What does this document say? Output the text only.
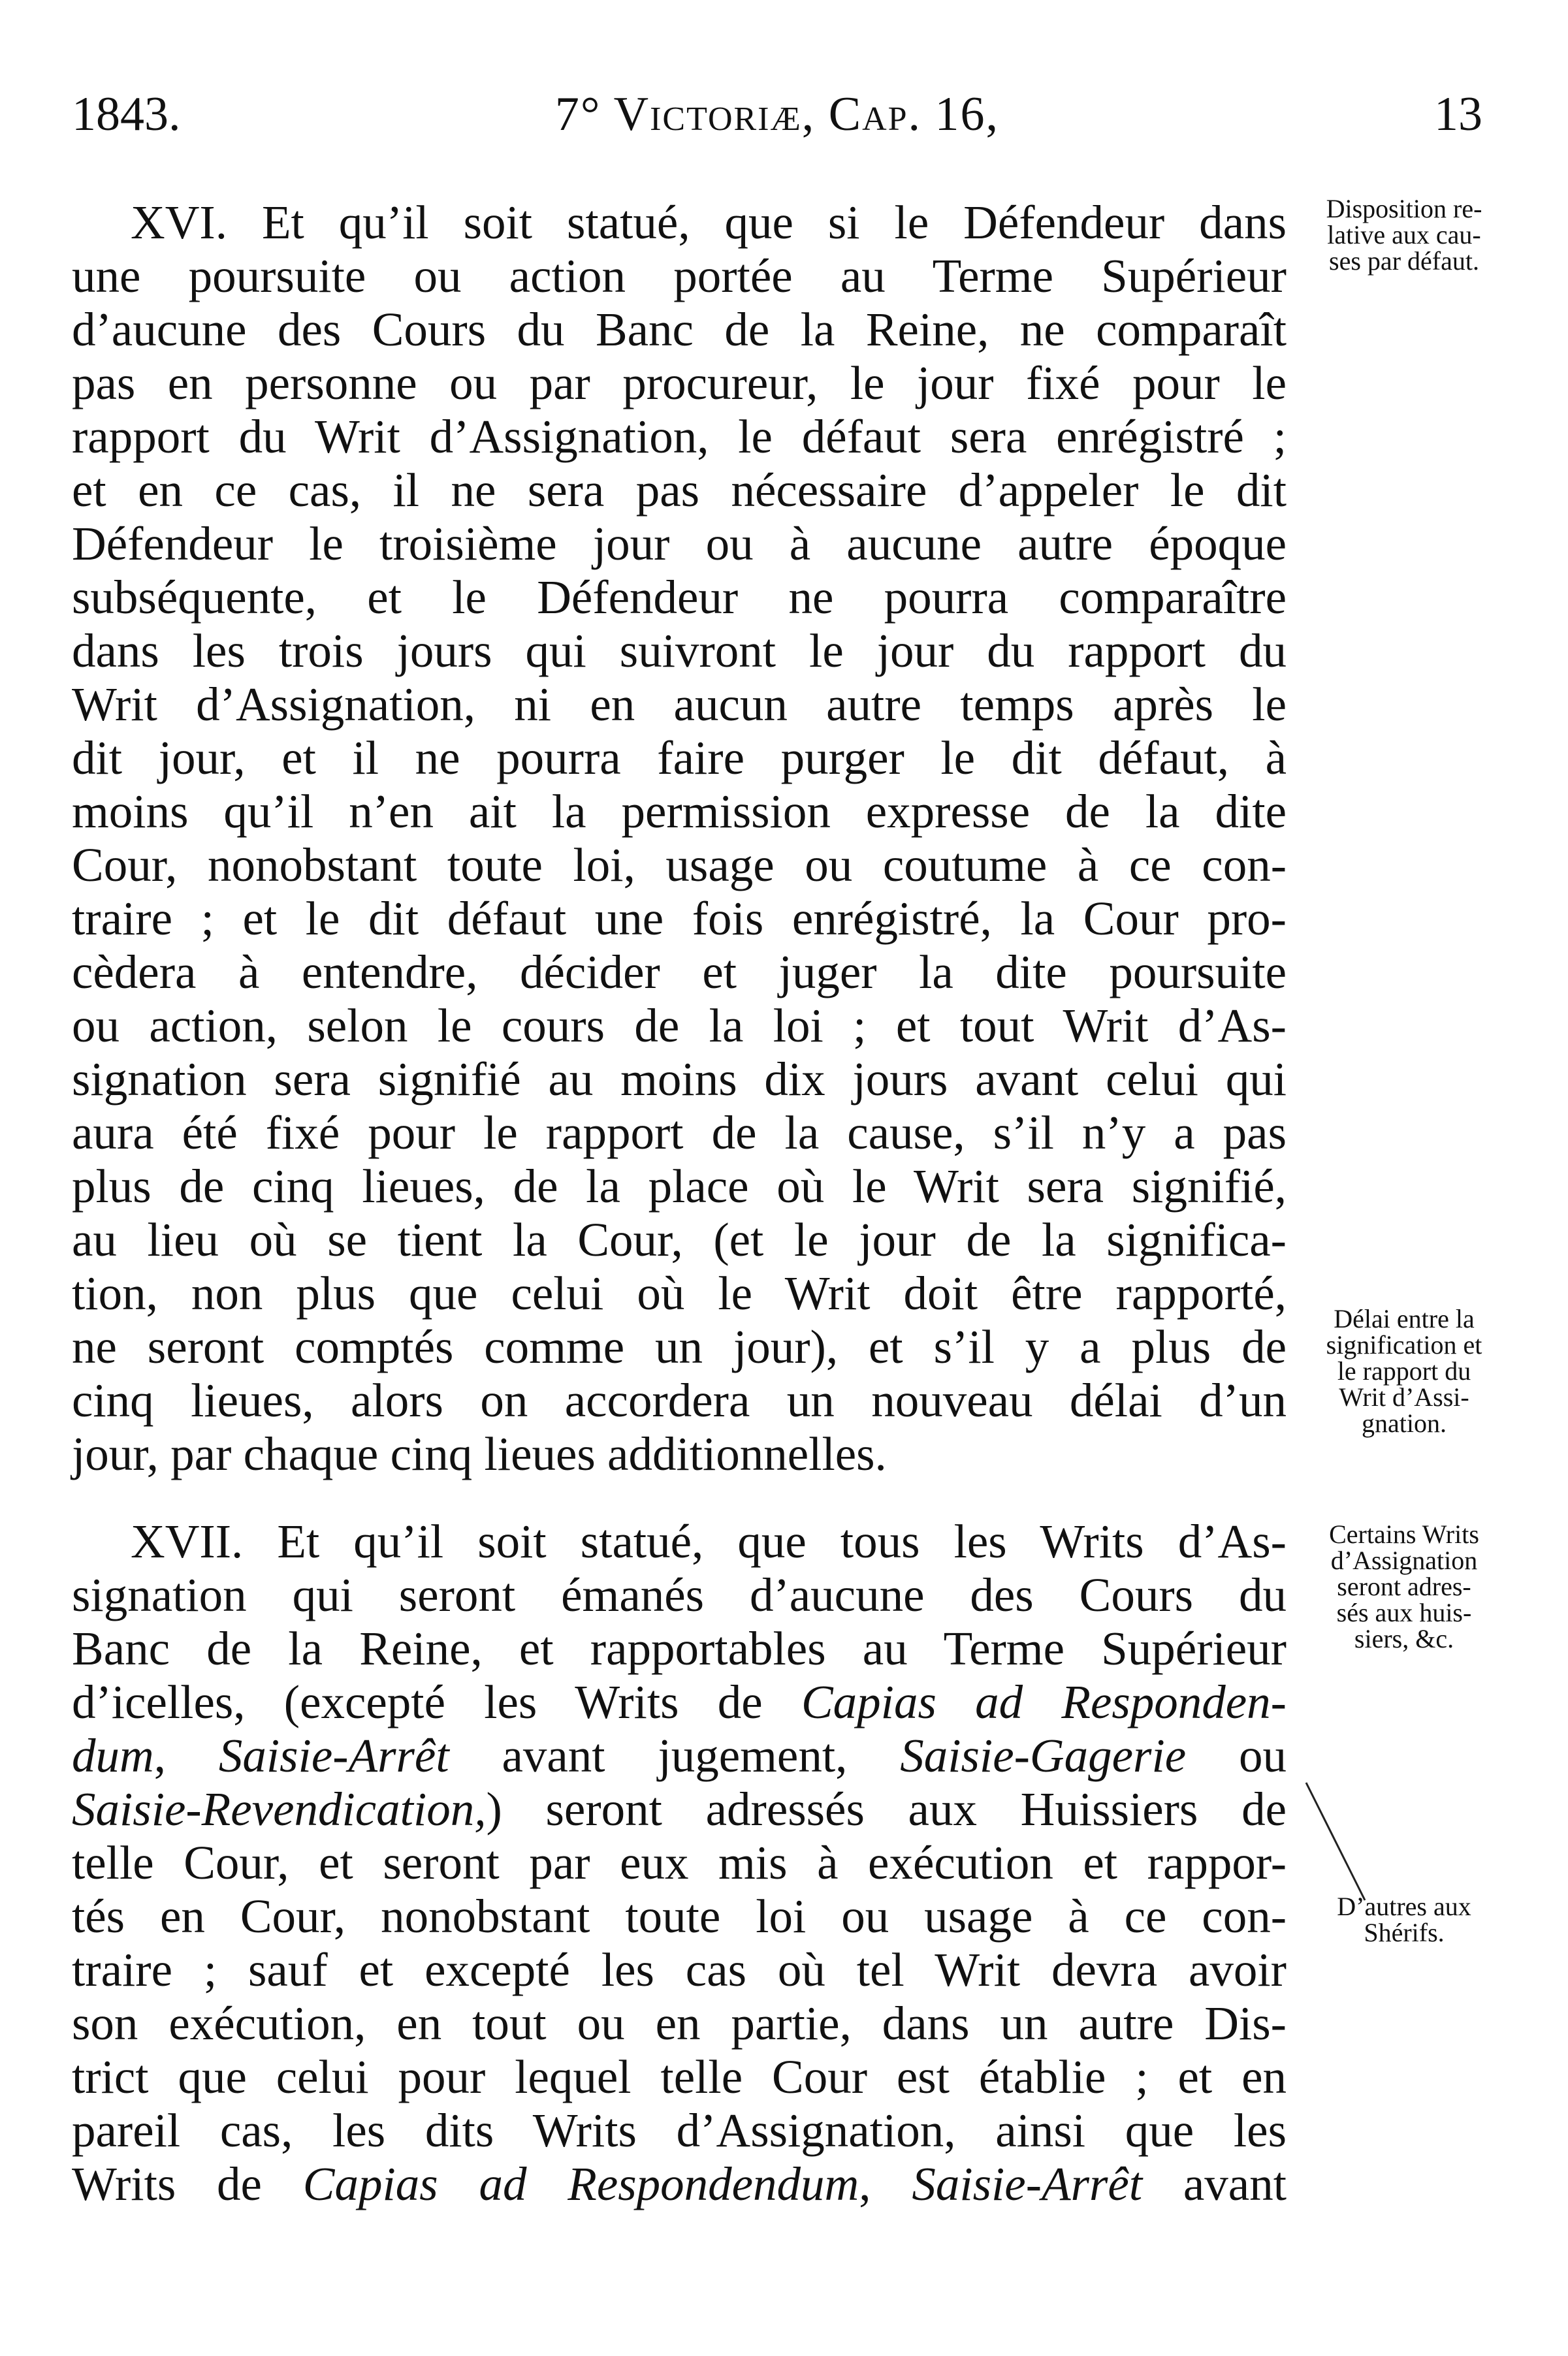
1843.	7° Victoriæ, Cap. 16,	13
XVI. Et qu’il soit statué, que si le Défendeur dans
une poursuite ou action portée au Terme Supérieur
d’aucune des Cours du Banc de la Reine, ne comparaît
pas en personne ou par procureur, le jour fixé pour le
rapport du Writ d’Assignation, le défaut sera enrégistré ;
et en ce cas, il ne sera pas nécessaire d’appeler le dit
Défendeur le troisième jour ou à aucune autre époque
subséquente, et le Défendeur ne pourra comparaître
dans les trois jours qui suivront le jour du rapport du
Writ d’Assignation, ni en aucun autre temps après le
dit jour, et il ne pourra faire purger le dit défaut, à
moins qu’il n’en ait la permission expresse de la dite
Cour, nonobstant toute loi, usage ou coutume à ce con-
traire ; et le dit défaut une fois enrégistré, la Cour pro-
cèdera à entendre, décider et juger la dite poursuite
ou action, selon le cours de la loi ; et tout Writ d’As-
signation sera signifié au moins dix jours avant celui qui
aura été fixé pour le rapport de la cause, s’il n’y a pas
plus de cinq lieues, de la place où le Writ sera signifié,
au lieu où se tient la Cour, (et le jour de la significa-
tion, non plus que celui où le Writ doit être rapporté,
ne seront comptés comme un jour), et s’il y a plus de
cinq lieues, alors on accordera un nouveau délai d’un
jour, par chaque cinq lieues additionnelles.
XVII. Et qu’il soit statué, que tous les Writs d’As-
signation qui seront émanés d’aucune des Cours du
Banc de la Reine, et rapportables au Terme Supérieur
d’icelles, (excepté les Writs de Capias ad Responden-
dum, Saisie-Arrêt avant jugement, Saisie-Gagerie ou
Saisie-Revendication,) seront adressés aux Huissiers de
telle Cour, et seront par eux mis à exécution et rappor-
tés en Cour, nonobstant toute loi ou usage à ce con-
traire ; sauf et excepté les cas où tel Writ devra avoir
son exécution, en tout ou en partie, dans un autre Dis-
trict que celui pour lequel telle Cour est établie ; et en
pareil cas, les dits Writs d’Assignation, ainsi que les
Writs de Capias ad Respondendum, Saisie-Arrêt avant
Disposition re-
lative aux cau-
ses par défaut.
Délai entre la
signification et
le rapport du
Writ d’Assi-
gnation.
Certains Writs
d’Assignation
seront adres-
sés aux huis-
siers, &c.
D’autres aux
Shérifs.
